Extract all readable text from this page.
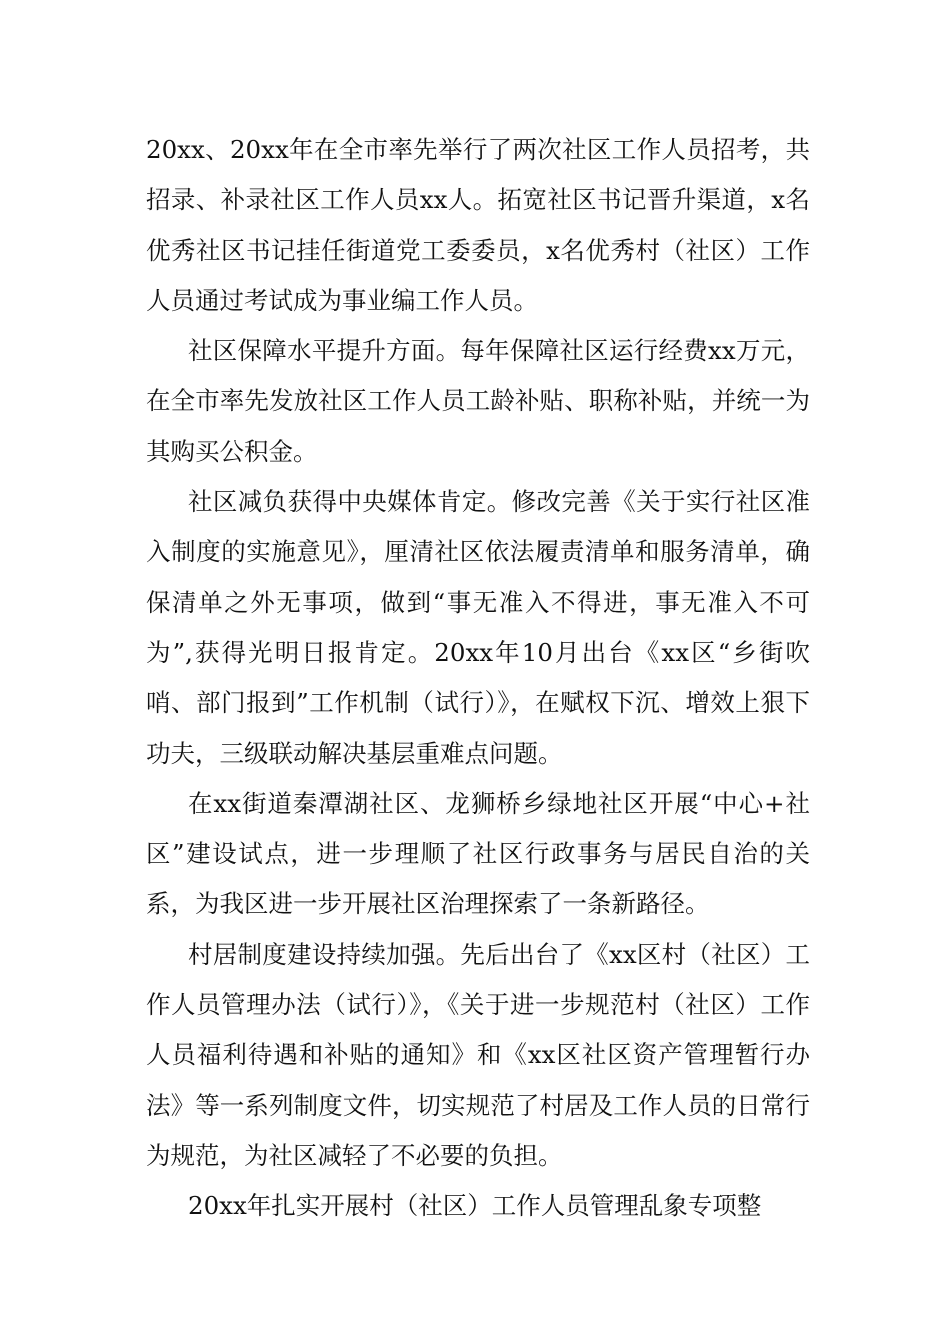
20xx、20xx年在全市率先举行了两次社区工作人员招考，共招录、补录社区工作人员xx人。拓宽社区书记晋升渠道，x名优秀社区书记挂任街道党工委委员，x名优秀村（社区）工作人员通过考试成为事业编工作人员。

社区保障水平提升方面。每年保障社区运行经费xx万元，在全市率先发放社区工作人员工龄补贴、职称补贴，并统一为其购买公积金。

社区减负获得中央媒体肯定。修改完善《关于实行社区准入制度的实施意见》，厘清社区依法履责清单和服务清单，确保清单之外无事项，做到“事无准入不得进，事无准入不可为”,获得光明日报肯定。20xx年10月出台《xx区“乡街吹哨、部门报到”工作机制（试行）》，在赋权下沉、增效上狠下功夫，三级联动解决基层重难点问题。

在xx街道秦潭湖社区、龙狮桥乡绿地社区开展“中心+社区”建设试点，进一步理顺了社区行政事务与居民自治的关系，为我区进一步开展社区治理探索了一条新路径。

村居制度建设持续加强。先后出台了《xx区村（社区）工作人员管理办法（试行）》，《关于进一步规范村（社区）工作人员福利待遇和补贴的通知》和《xx区社区资产管理暂行办法》等一系列制度文件，切实规范了村居及工作人员的日常行为规范，为社区减轻了不必要的负担。

20xx年扎实开展村（社区）工作人员管理乱象专项整
